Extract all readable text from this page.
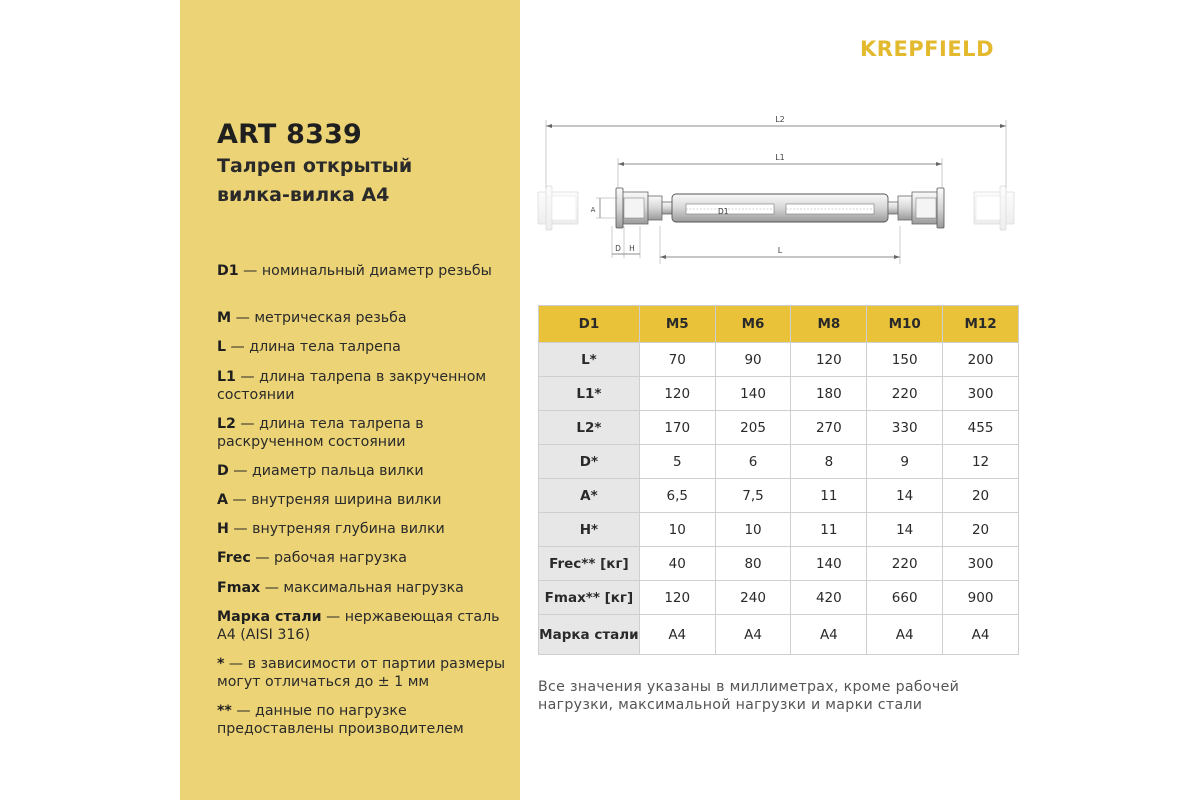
ART 8339
Талреп открытый
вилка-вилка А4
D1 — номинальный диаметр резьбы
M — метрическая резьба
L — длина тела талрепа
L1 — длина талрепа в закрученном состоянии
L2 — длина тела талрепа в раскрученном состоянии
D — диаметр пальца вилки
A — внутреняя ширина вилки
H — внутреняя глубина вилки
Frec — рабочая нагрузка
Fmax — максимальная нагрузка
Марка стали — нержавеющая сталь А4 (AISI 316)
* — в зависимости от партии размеры могут отличаться до ± 1 мм
** — данные по нагрузке предоставлены производителем
KREPFIELD
L2
L1
D1
A
D H	L
D1	M5	M6	M8	M10	M12
L*	70	90	120	150	200
L1*	120	140	180	220	300
L2*	170	205	270	330	455
D*	5	6	8	9	12
A*	6,5	7,5	11	14	20
H*	10	10	11	14	20
Frec** [кг]	40	80	140	220	300
Fmax** [кг]	120	240	420	660	900
Марка стали	А4	А4	А4	А4	А4
Все значения указаны в миллиметрах, кроме рабочей нагрузки, максимальной нагрузки и марки стали
